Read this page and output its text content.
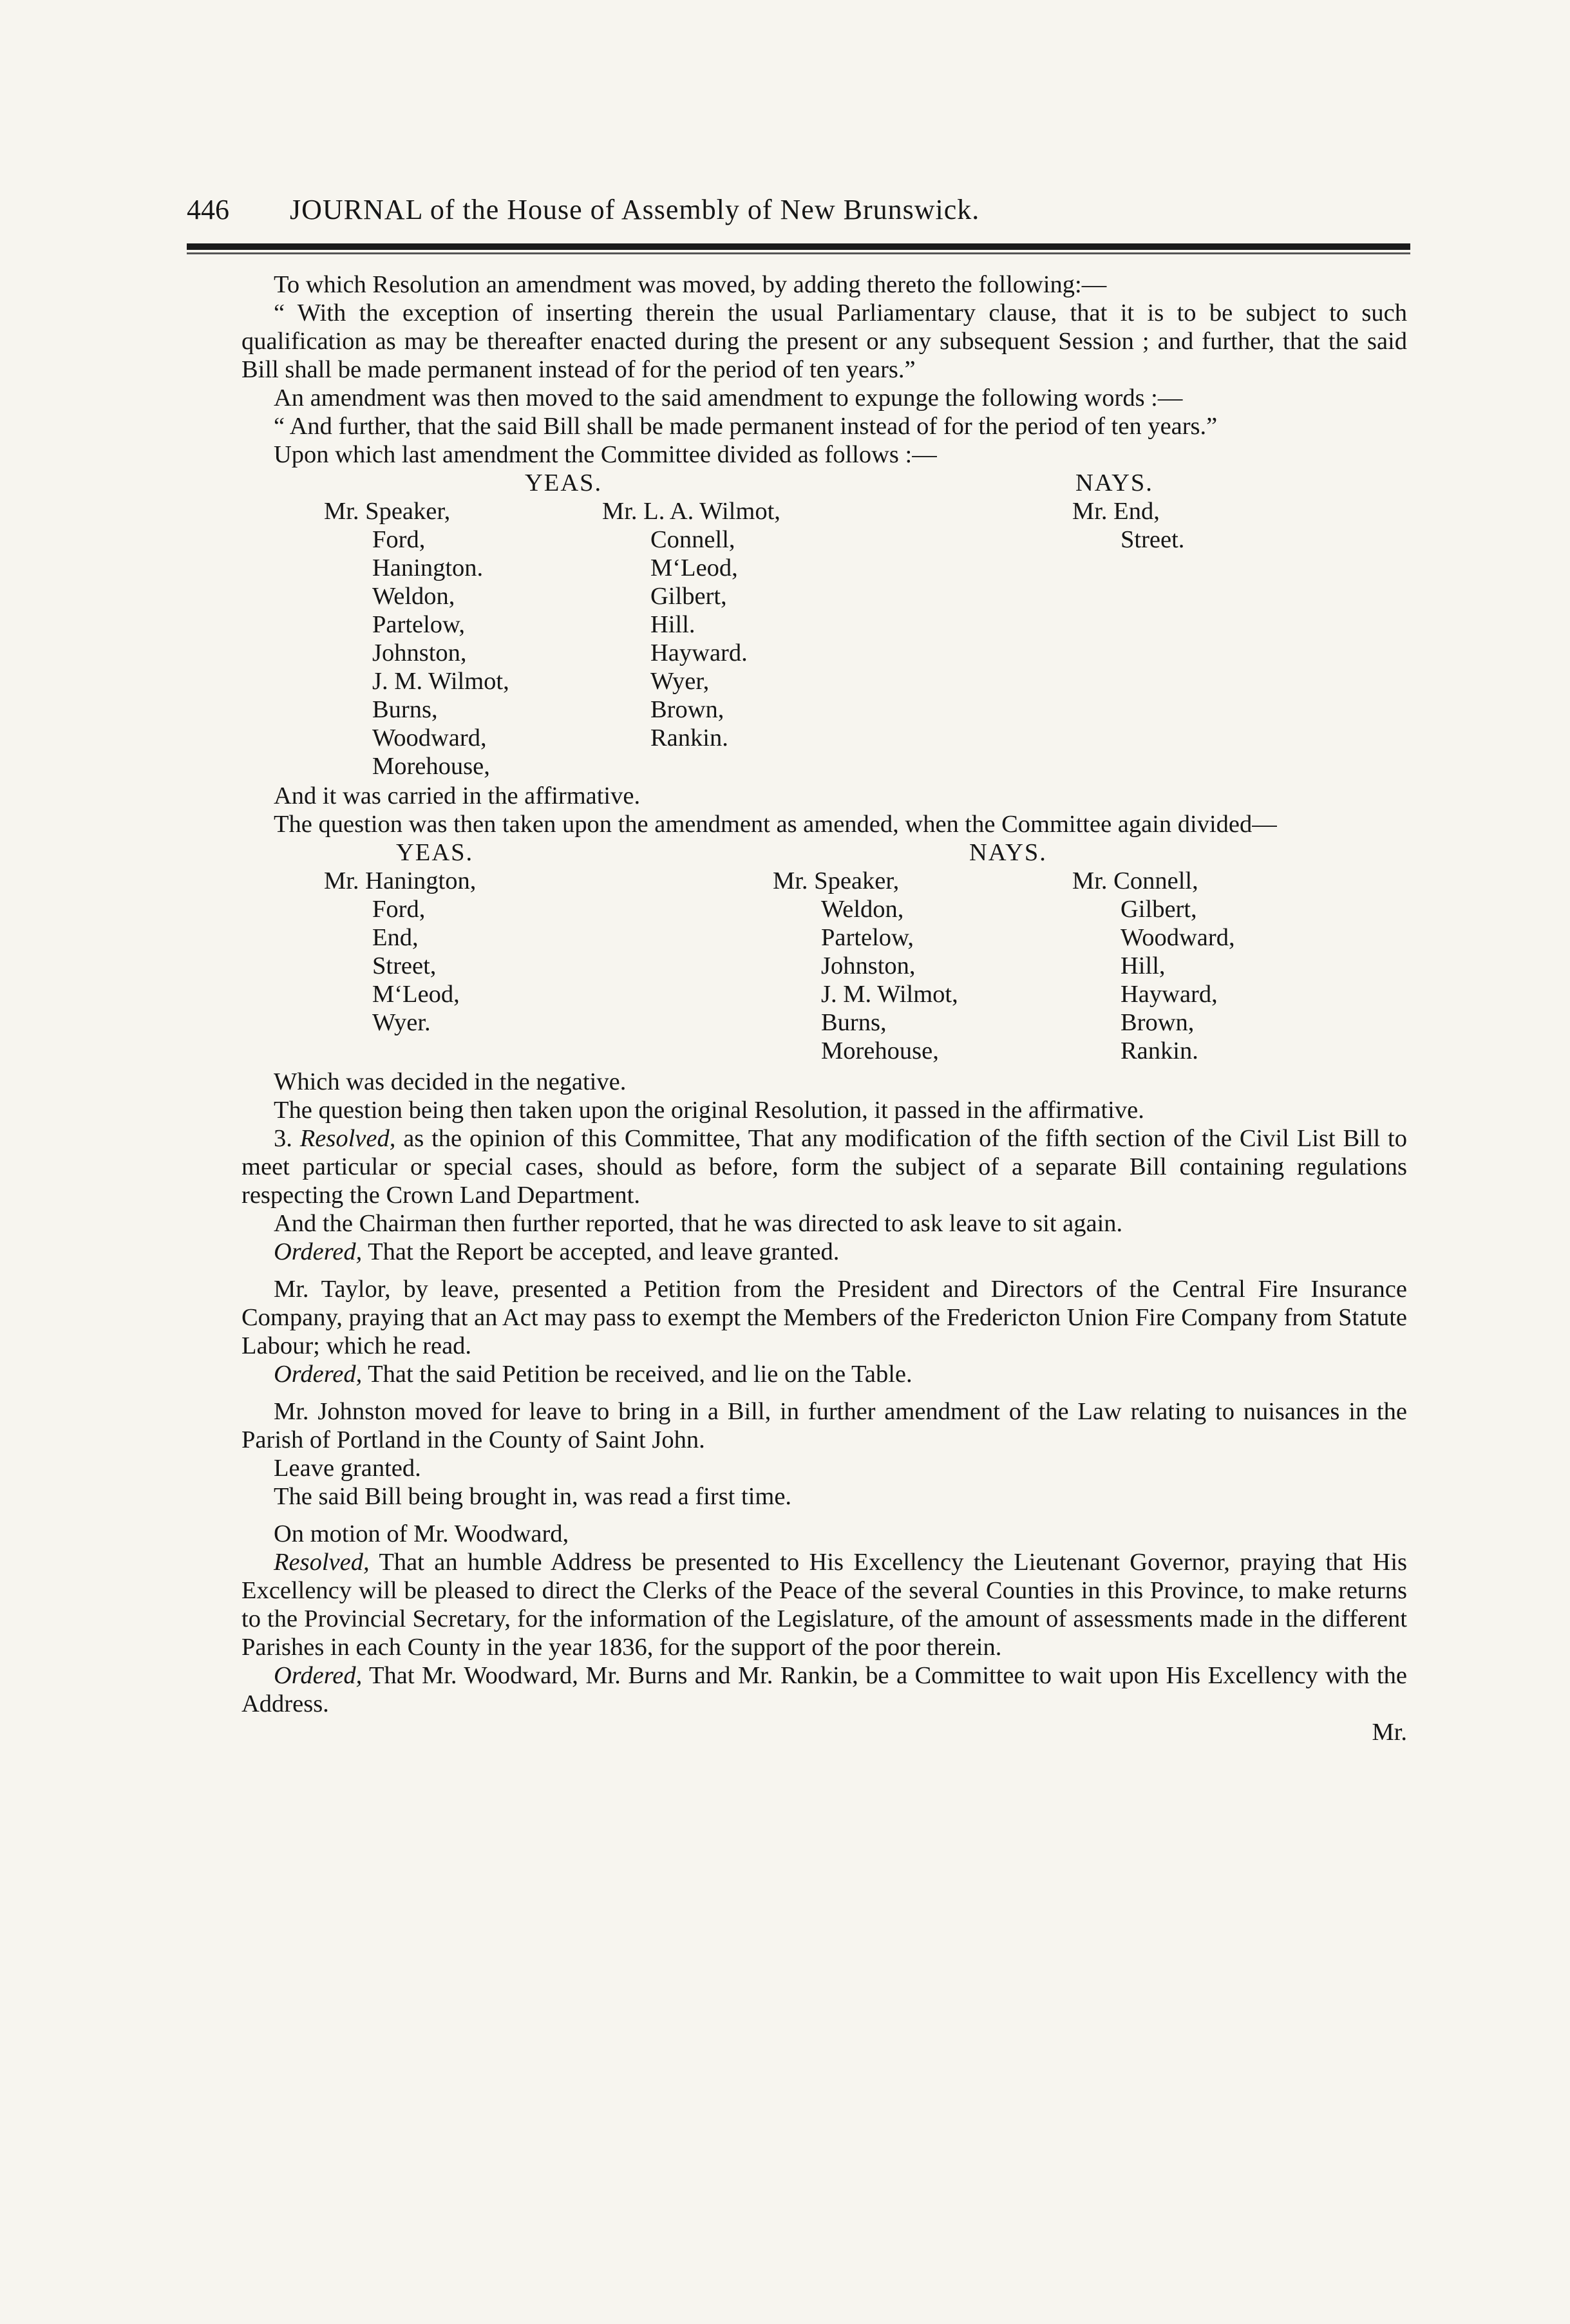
446 JOURNAL of the House of Assembly of New Brunswick.

To which Resolution an amendment was moved, by adding thereto the following:—

“ With the exception of inserting therein the usual Parliamentary clause, that it is to be subject to such qualification as may be thereafter enacted during the present or any subsequent Session ; and further, that the said Bill shall be made permanent instead of for the period of ten years.”

An amendment was then moved to the said amendment to expunge the following words :—

“ And further, that the said Bill shall be made permanent instead of for the period of ten years.”

Upon which last amendment the Committee divided as follows :—

YEAS.	NAYS.
Mr. Speaker,
Ford,
Hanington.
Weldon,
Partelow,
Johnston,
J. M. Wilmot,
Burns,
Woodward,
Morehouse,
Mr. L. A. Wilmot,
Connell,
M‘Leod,
Gilbert,
Hill.
Hayward.
Wyer,
Brown,
Rankin.
Mr. End,
Street.

And it was carried in the affirmative.

The question was then taken upon the amendment as amended, when the Committee again divided—

YEAS.	NAYS.
Mr. Hanington,
Ford,
End,
Street,
M‘Leod,
Wyer.
Mr. Speaker,
Weldon,
Partelow,
Johnston,
J. M. Wilmot,
Burns,
Morehouse,
Mr. Connell,
Gilbert,
Woodward,
Hill,
Hayward,
Brown,
Rankin.

Which was decided in the negative.

The question being then taken upon the original Resolution, it passed in the affirmative.

3. Resolved, as the opinion of this Committee, That any modification of the fifth section of the Civil List Bill to meet particular or special cases, should as before, form the subject of a separate Bill containing regulations respecting the Crown Land Department.

And the Chairman then further reported, that he was directed to ask leave to sit again.

Ordered, That the Report be accepted, and leave granted.

Mr. Taylor, by leave, presented a Petition from the President and Directors of the Central Fire Insurance Company, praying that an Act may pass to exempt the Members of the Fredericton Union Fire Company from Statute Labour; which he read.

Ordered, That the said Petition be received, and lie on the Table.

Mr. Johnston moved for leave to bring in a Bill, in further amendment of the Law relating to nuisances in the Parish of Portland in the County of Saint John.

Leave granted.

The said Bill being brought in, was read a first time.

On motion of Mr. Woodward,

Resolved, That an humble Address be presented to His Excellency the Lieutenant Governor, praying that His Excellency will be pleased to direct the Clerks of the Peace of the several Counties in this Province, to make returns to the Provincial Secretary, for the information of the Legislature, of the amount of assessments made in the different Parishes in each County in the year 1836, for the support of the poor therein.

Ordered, That Mr. Woodward, Mr. Burns and Mr. Rankin, be a Committee to wait upon His Excellency with the Address.

Mr.
